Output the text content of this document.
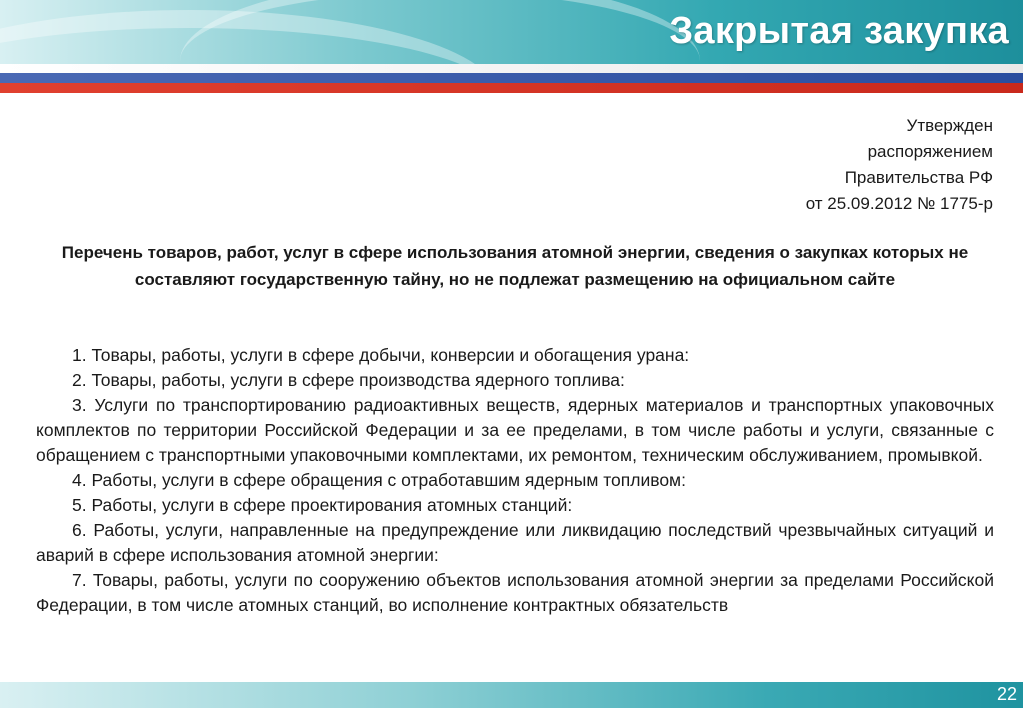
Закрытая закупка
Утвержден
распоряжением
Правительства РФ
от 25.09.2012 № 1775-р
Перечень товаров, работ, услуг в сфере использования атомной энергии, сведения о закупках которых не составляют государственную тайну, но не подлежат размещению на официальном сайте

1. Товары, работы, услуги в сфере добычи, конверсии и обогащения урана:

2. Товары, работы, услуги в сфере производства ядерного топлива:

3. Услуги по транспортированию радиоактивных веществ, ядерных материалов и транспортных упаковочных комплектов по территории Российской Федерации и за ее пределами, в том числе работы и услуги, связанные с обращением с транспортными упаковочными комплектами, их ремонтом, техническим обслуживанием, промывкой.

4. Работы, услуги в сфере обращения с отработавшим ядерным топливом:

5. Работы, услуги в сфере проектирования атомных станций:

6. Работы, услуги, направленные на предупреждение или ликвидацию последствий чрезвычайных ситуаций и аварий в сфере использования атомной энергии:

7. Товары, работы, услуги по сооружению объектов использования атомной энергии за пределами Российской Федерации, в том числе атомных станций, во исполнение контрактных обязательств

22
